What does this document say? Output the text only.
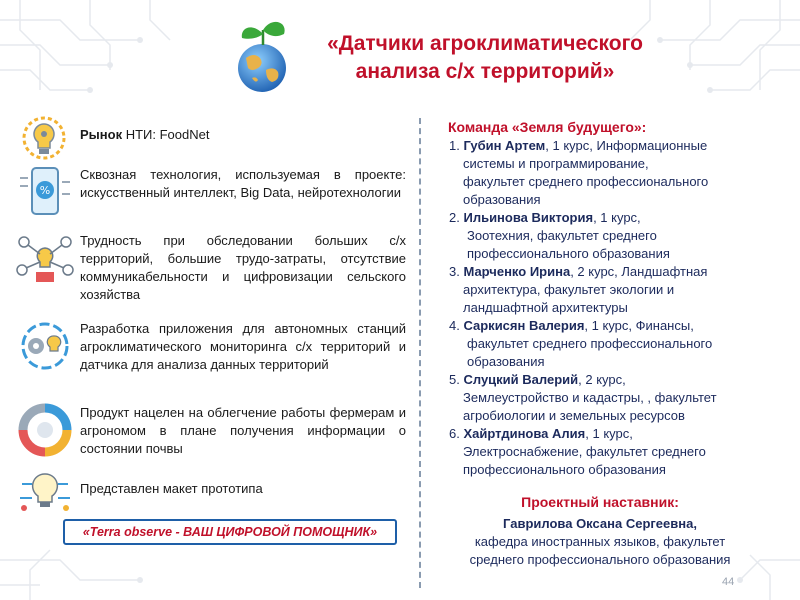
«Датчики агроклиматического анализа с/х территорий»
Рынок НТИ: FoodNet
%
Сквозная технология, используемая в проекте: искусственный интеллект, Big Data, нейротехнологии
Трудность при обследовании больших с/х территорий, большие трудо-затраты, отсутствие коммуникабельности и цифровизации сельского хозяйства
Разработка приложения для автономных станций агроклиматического мониторинга с/х территорий и датчика для анализа данных территорий
Продукт нацелен на облегчение работы фермерам и агрономом в плане получения информации о состоянии почвы
Представлен макет прототипа
«Terra observe - ВАШ ЦИФРОВОЙ ПОМОЩНИК»
Команда «Земля будущего»:
1. Губин Артем, 1 курс, Информационные
системы и программирование,
факультет среднего профессионального
образования
2. Ильинова Виктория, 1 курс,
Зоотехния, факультет среднего
профессионального образования
3. Марченко Ирина, 2 курс, Ландшафтная
архитектура, факультет экологии и
ландшафтной архитектуры
4. Саркисян Валерия, 1 курс, Финансы,
факультет среднего профессионального
образования
5. Слуцкий Валерий, 2 курс,
Землеустройство и кадастры, , факультет
агробиологии и земельных ресурсов
6. Хайртдинова Алия, 1 курс,
Электроснабжение, факультет среднего
профессионального образования
Проектный наставник:
Гаврилова Оксана Сергеевна,
кафедра иностранных языков, факультет
среднего профессионального образования
44
